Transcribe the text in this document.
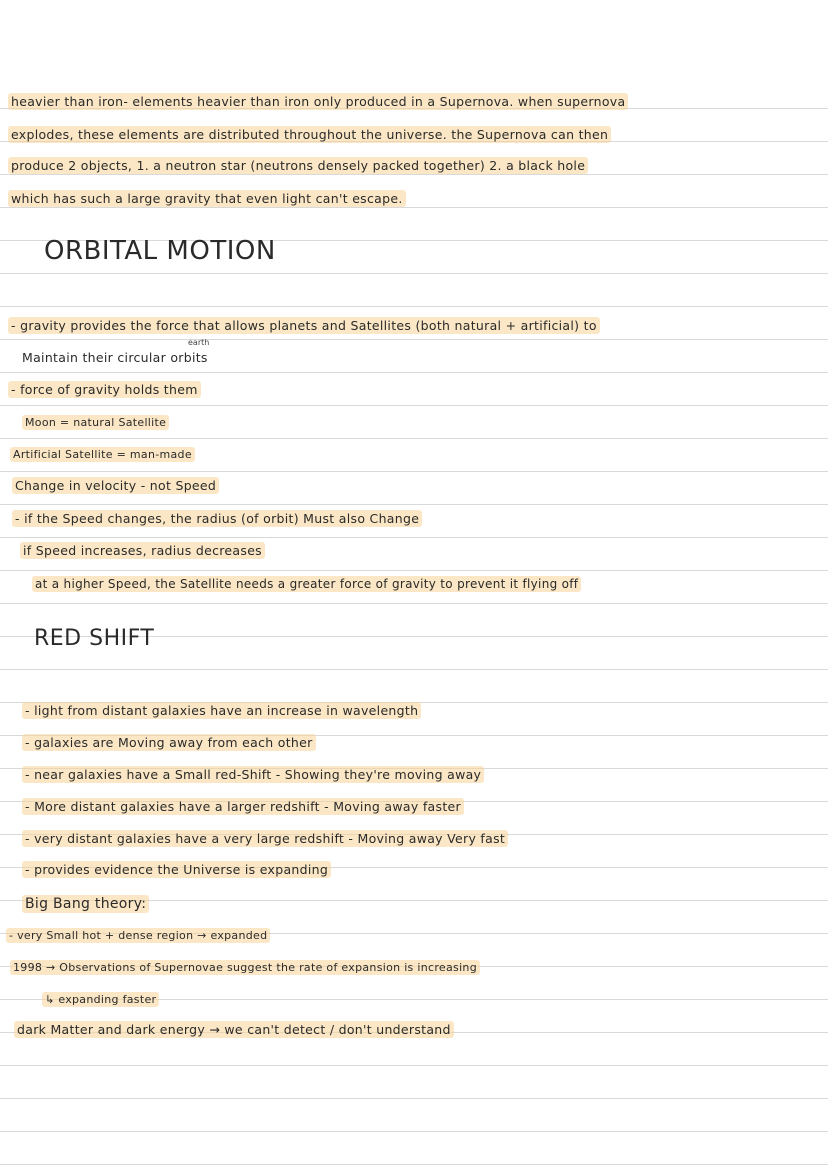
heavier than iron- elements heavier than iron only produced in a Supernova. when supernova
explodes, these elements are distributed throughout the universe. the Supernova can then
produce 2 objects, 1. a neutron star (neutrons densely packed together) 2. a black hole
which has such a large gravity that even light can't escape.
ORBITAL MOTION
- gravity provides the force that allows planets and Satellites (both natural + artificial) to
earth
Maintain their circular orbits
- force of gravity holds them
Moon = natural Satellite
Artificial Satellite = man-made
Change in velocity - not Speed
- if the Speed changes, the radius (of orbit) Must also Change
if Speed increases, radius decreases
at a higher Speed, the Satellite needs a greater force of gravity to prevent it flying off
RED SHIFT
- light from distant galaxies have an increase in wavelength
- galaxies are Moving away from each other
- near galaxies have a Small red-Shift - Showing they're moving away
- More distant galaxies have a larger redshift - Moving away faster
- very distant galaxies have a very large redshift - Moving away Very fast
- provides evidence the Universe is expanding
Big Bang theory:
- very Small hot + dense region → expanded
1998 → Observations of Supernovae suggest the rate of expansion is increasing
↳ expanding faster
dark Matter and dark energy → we can't detect / don't understand
